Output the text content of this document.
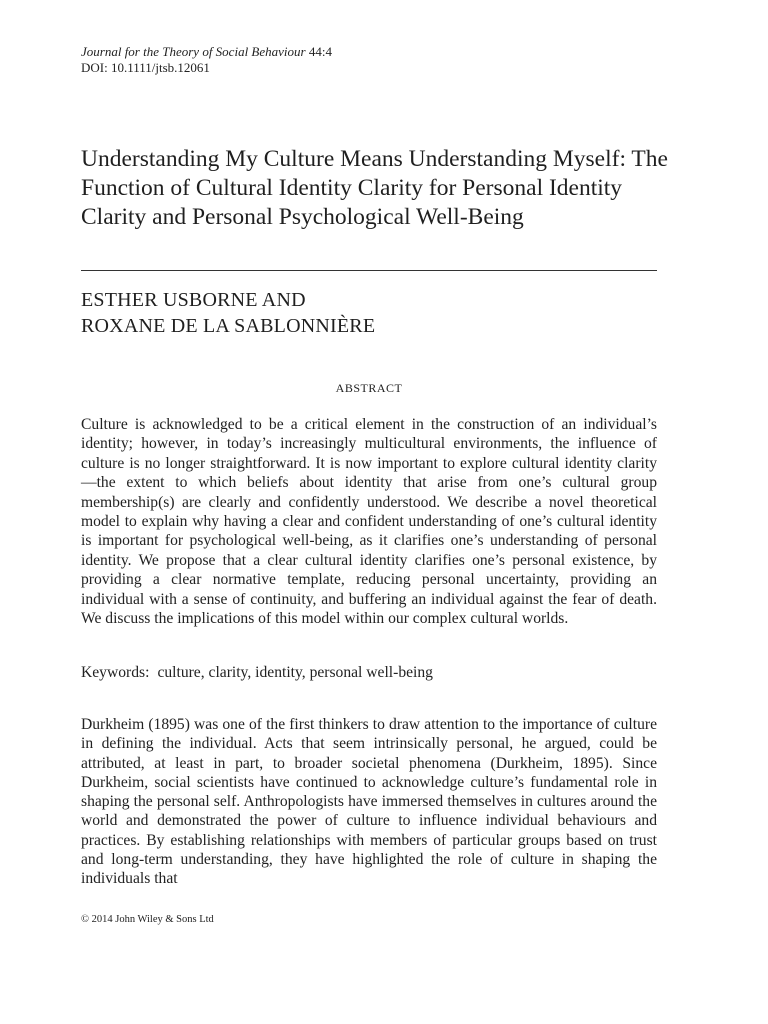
Journal for the Theory of Social Behaviour 44:4

DOI: 10.1111/jtsb.12061

Understanding My Culture Means Understanding Myself: The Function of Cultural Identity Clarity for Personal Identity Clarity and Personal Psychological Well-Being

ESTHER USBORNE AND
ROXANE DE LA SABLONNIÈRE

ABSTRACT

Culture is acknowledged to be a critical element in the construction of an individual’s identity; however, in today’s increasingly multicultural environments, the influence of culture is no longer straightforward. It is now important to explore cultural identity clarity—the extent to which beliefs about identity that arise from one’s cultural group membership(s) are clearly and confidently understood. We describe a novel theoretical model to explain why having a clear and confident understanding of one’s cultural identity is important for psychological well-being, as it clarifies one’s understanding of personal identity. We propose that a clear cultural identity clarifies one’s personal existence, by providing a clear normative template, reducing personal uncertainty, providing an individual with a sense of continuity, and buffering an individual against the fear of death. We discuss the implications of this model within our complex cultural worlds.

Keywords: culture, clarity, identity, personal well-being

Durkheim (1895) was one of the first thinkers to draw attention to the importance of culture in defining the individual. Acts that seem intrinsically personal, he argued, could be attributed, at least in part, to broader societal phenomena (Durkheim, 1895). Since Durkheim, social scientists have continued to acknowledge culture’s fundamental role in shaping the personal self. Anthropologists have immersed themselves in cultures around the world and demonstrated the power of culture to influence individual behaviours and practices. By establishing relationships with members of particular groups based on trust and long-term understanding, they have highlighted the role of culture in shaping the individuals that

© 2014 John Wiley & Sons Ltd
